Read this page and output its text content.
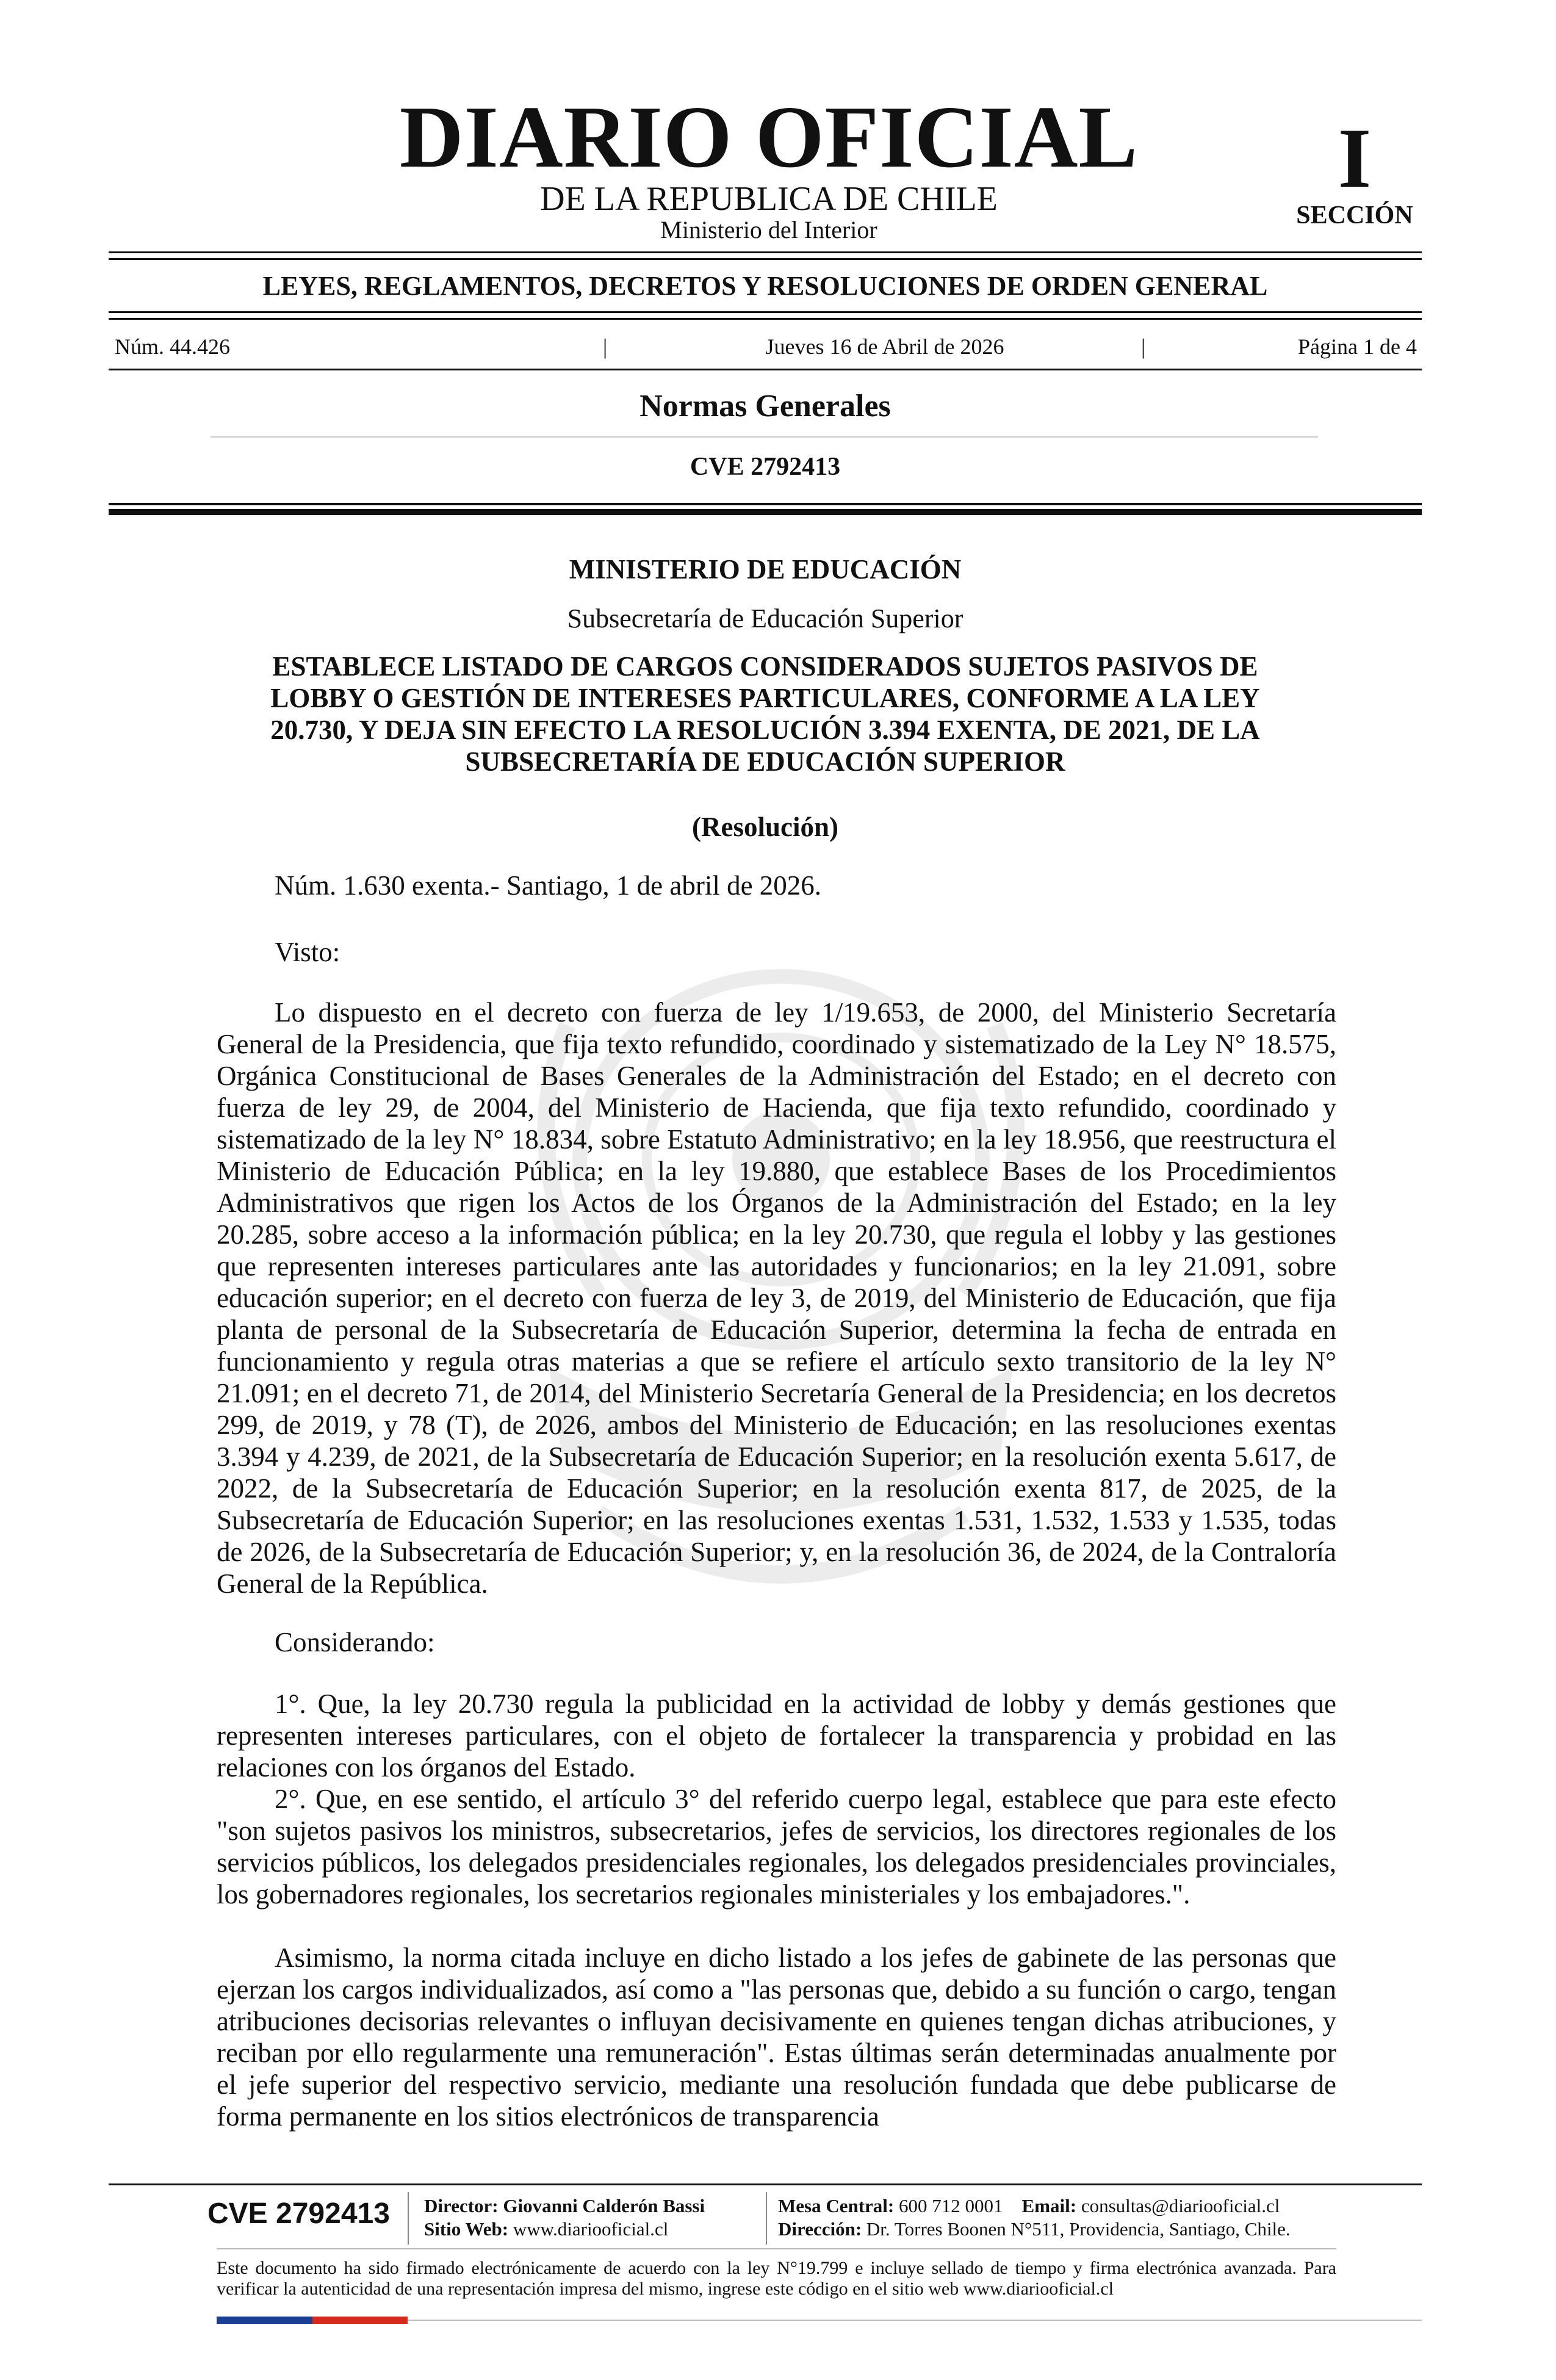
DIARIO OFICIAL
DE LA REPUBLICA DE CHILE
Ministerio del Interior
I
SECCIÓN
LEYES, REGLAMENTOS, DECRETOS Y RESOLUCIONES DE ORDEN GENERAL
Núm. 44.426	|	Jueves 16 de Abril de 2026	|	Página 1 de 4
Normas Generales
CVE 2792413
MINISTERIO DE EDUCACIÓN
Subsecretaría de Educación Superior
ESTABLECE LISTADO DE CARGOS CONSIDERADOS SUJETOS PASIVOS DE LOBBY O GESTIÓN DE INTERESES PARTICULARES, CONFORME A LA LEY 20.730, Y DEJA SIN EFECTO LA RESOLUCIÓN 3.394 EXENTA, DE 2021, DE LA SUBSECRETARÍA DE EDUCACIÓN SUPERIOR
(Resolución)
Núm. 1.630 exenta.- Santiago, 1 de abril de 2026.
Visto:

Lo dispuesto en el decreto con fuerza de ley 1/19.653, de 2000, del Ministerio Secretaría General de la Presidencia, que fija texto refundido, coordinado y sistematizado de la Ley N° 18.575, Orgánica Constitucional de Bases Generales de la Administración del Estado; en el decreto con fuerza de ley 29, de 2004, del Ministerio de Hacienda, que fija texto refundido, coordinado y sistematizado de la ley N° 18.834, sobre Estatuto Administrativo; en la ley 18.956, que reestructura el Ministerio de Educación Pública; en la ley 19.880, que establece Bases de los Procedimientos Administrativos que rigen los Actos de los Órganos de la Administración del Estado; en la ley 20.285, sobre acceso a la información pública; en la ley 20.730, que regula el lobby y las gestiones que representen intereses particulares ante las autoridades y funcionarios; en la ley 21.091, sobre educación superior; en el decreto con fuerza de ley 3, de 2019, del Ministerio de Educación, que fija planta de personal de la Subsecretaría de Educación Superior, determina la fecha de entrada en funcionamiento y regula otras materias a que se refiere el artículo sexto transitorio de la ley N° 21.091; en el decreto 71, de 2014, del Ministerio Secretaría General de la Presidencia; en los decretos 299, de 2019, y 78 (T), de 2026, ambos del Ministerio de Educación; en las resoluciones exentas 3.394 y 4.239, de 2021, de la Subsecretaría de Educación Superior; en la resolución exenta 5.617, de 2022, de la Subsecretaría de Educación Superior; en la resolución exenta 817, de 2025, de la Subsecretaría de Educación Superior; en las resoluciones exentas 1.531, 1.532, 1.533 y 1.535, todas de 2026, de la Subsecretaría de Educación Superior; y, en la resolución 36, de 2024, de la Contraloría General de la República.

Considerando:

1°. Que, la ley 20.730 regula la publicidad en la actividad de lobby y demás gestiones que representen intereses particulares, con el objeto de fortalecer la transparencia y probidad en las relaciones con los órganos del Estado.

2°. Que, en ese sentido, el artículo 3° del referido cuerpo legal, establece que para este efecto "son sujetos pasivos los ministros, subsecretarios, jefes de servicios, los directores regionales de los servicios públicos, los delegados presidenciales regionales, los delegados presidenciales provinciales, los gobernadores regionales, los secretarios regionales ministeriales y los embajadores.".

Asimismo, la norma citada incluye en dicho listado a los jefes de gabinete de las personas que ejerzan los cargos individualizados, así como a "las personas que, debido a su función o cargo, tengan atribuciones decisorias relevantes o influyan decisivamente en quienes tengan dichas atribuciones, y reciban por ello regularmente una remuneración". Estas últimas serán determinadas anualmente por el jefe superior del respectivo servicio, mediante una resolución fundada que debe publicarse de forma permanente en los sitios electrónicos de transparencia

CVE 2792413 Director: Giovanni Calderón Bassi
Sitio Web: www.diariooficial.cl
Mesa Central: 600 712 0001 Email: consultas@diariooficial.cl
Dirección: Dr. Torres Boonen N°511, Providencia, Santiago, Chile.
Este documento ha sido firmado electrónicamente de acuerdo con la ley N°19.799 e incluye sellado de tiempo y firma electrónica avanzada. Para verificar la autenticidad de una representación impresa del mismo, ingrese este código en el sitio web www.diariooficial.cl
